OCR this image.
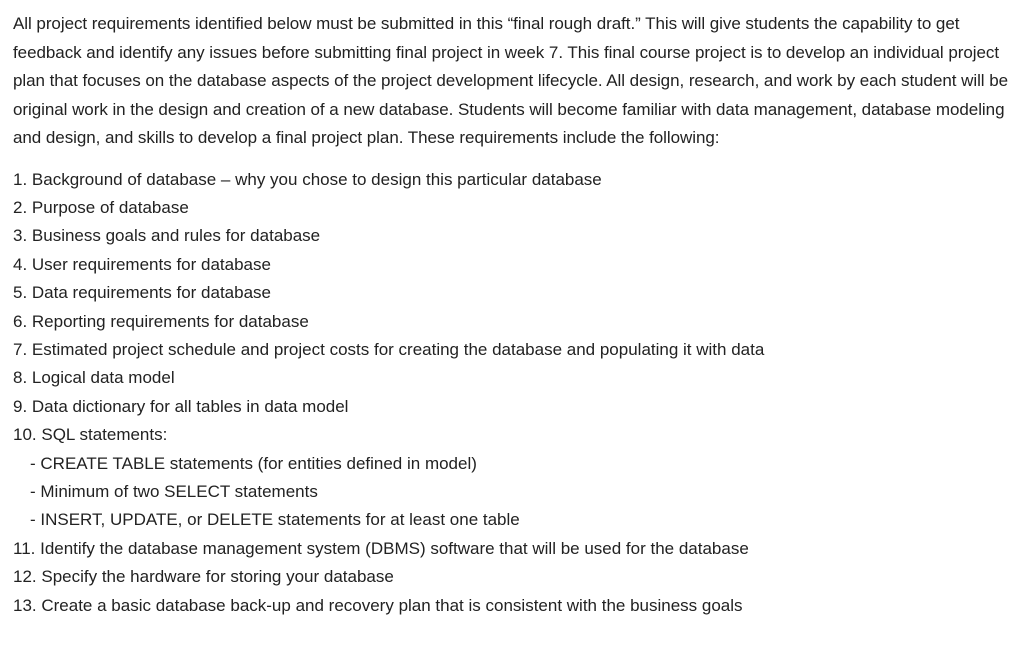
All project requirements identified below must be submitted in this “final rough draft.” This will give students the capability to get feedback and identify any issues before submitting final project in week 7. This final course project is to develop an individual project plan that focuses on the database aspects of the project development lifecycle. All design, research, and work by each student will be original work in the design and creation of a new database. Students will become familiar with data management, database modeling and design, and skills to develop a final project plan. These requirements include the following:

1. Background of database – why you chose to design this particular database
2. Purpose of database
3. Business goals and rules for database
4. User requirements for database
5. Data requirements for database
6. Reporting requirements for database
7. Estimated project schedule and project costs for creating the database and populating it with data
8. Logical data model
9. Data dictionary for all tables in data model
10. SQL statements:
- CREATE TABLE statements (for entities defined in model)
- Minimum of two SELECT statements
- INSERT, UPDATE, or DELETE statements for at least one table
11. Identify the database management system (DBMS) software that will be used for the database
12. Specify the hardware for storing your database
13. Create a basic database back-up and recovery plan that is consistent with the business goals
